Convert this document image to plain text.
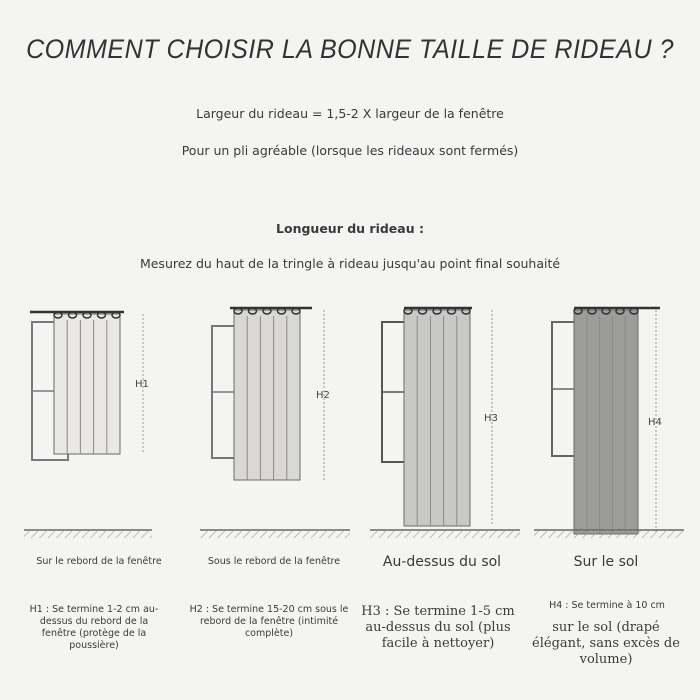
COMMENT CHOISIR LA BONNE TAILLE DE RIDEAU ?
Largeur du rideau = 1,5-2 X largeur de la fenêtre
Pour un pli agréable (lorsque les rideaux sont fermés)
Longueur du rideau :
Mesurez du haut de la tringle à rideau jusqu'au point final souhaité
H1
H2
H3	H4
Sur le rebord de la fenêtre	Sous le rebord de la fenêtre	Au-dessus du sol	Sur le sol
H1 : Se termine 1-2 cm au-dessus du rebord de la fenêtre (protège de la poussière)
H2 : Se termine 15-20 cm sous le rebord de la fenêtre (intimité complète)
H3 : Se termine 1-5 cm au-dessus du sol (plus facile à nettoyer)
H4 : Se termine à 10 cm
sur le sol (drapé élégant, sans excès de volume)
